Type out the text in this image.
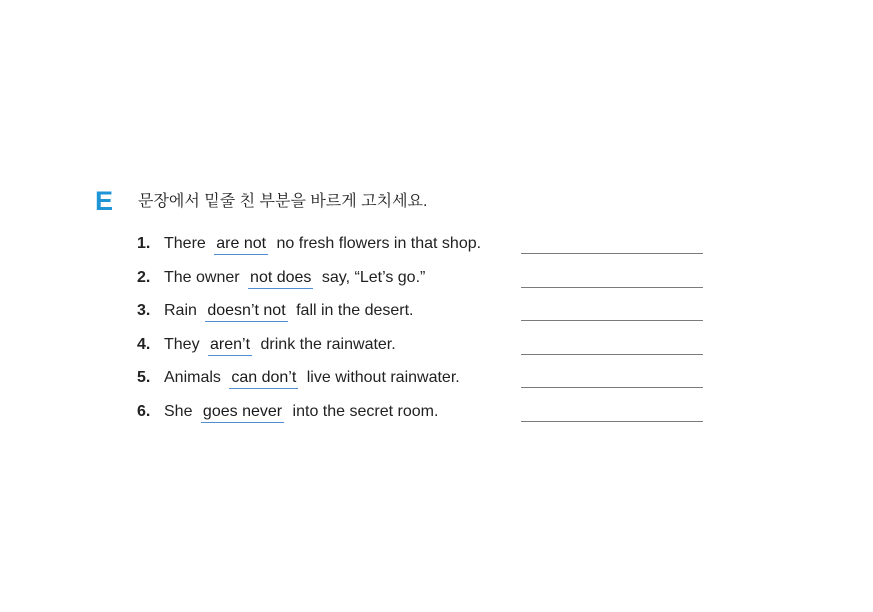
E 문장에서 밑줄 친 부분을 바르게 고치세요.
1. There are not no fresh flowers in that shop.
2. The owner not does say, “Let’s go.”
3. Rain doesn’t not fall in the desert.
4. They aren’t drink the rainwater.
5. Animals can don’t live without rainwater.
6. She goes never into the secret room.
